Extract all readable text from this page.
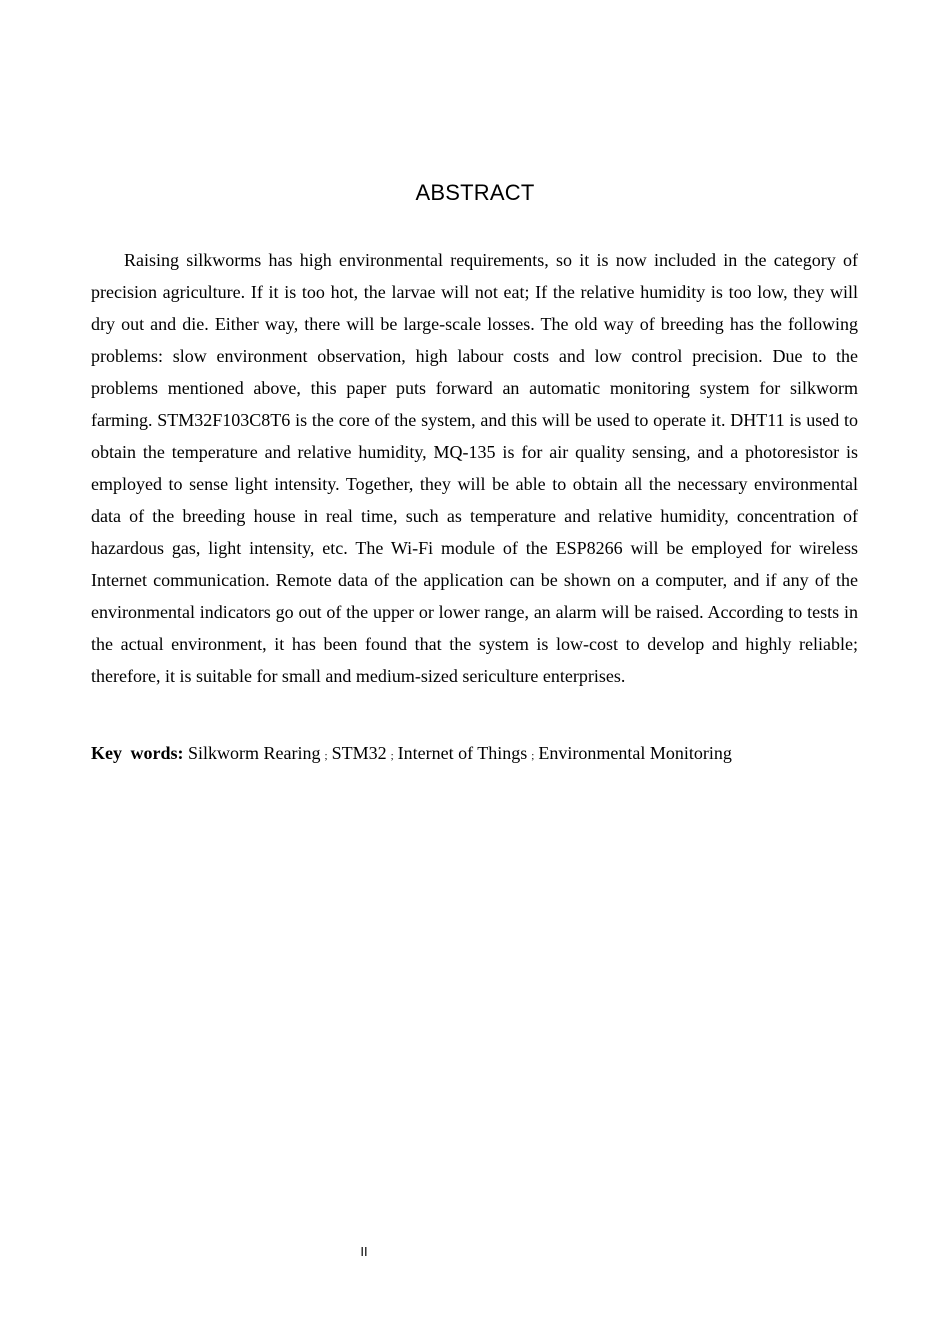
ABSTRACT

Raising silkworms has high environmental requirements, so it is now included in the category of precision agriculture. If it is too hot, the larvae will not eat; If the relative humidity is too low, they will dry out and die. Either way, there will be large-scale losses. The old way of breeding has the following problems: slow environment observation, high labour costs and low control precision. Due to the problems mentioned above, this paper puts forward an automatic monitoring system for silkworm farming. STM32F103C8T6 is the core of the system, and this will be used to operate it. DHT11 is used to obtain the temperature and relative humidity, MQ-135 is for air quality sensing, and a photoresistor is employed to sense light intensity. Together, they will be able to obtain all the necessary environmental data of the breeding house in real time, such as temperature and relative humidity, concentration of hazardous gas, light intensity, etc. The Wi-Fi module of the ESP8266 will be employed for wireless Internet communication. Remote data of the application can be shown on a computer, and if any of the environmental indicators go out of the upper or lower range, an alarm will be raised. According to tests in the actual environment, it has been found that the system is low-cost to develop and highly reliable; therefore, it is suitable for small and medium-sized sericulture enterprises.

Key words: Silkworm Rearing ; STM32 ; Internet of Things ; Environmental Monitoring

II
